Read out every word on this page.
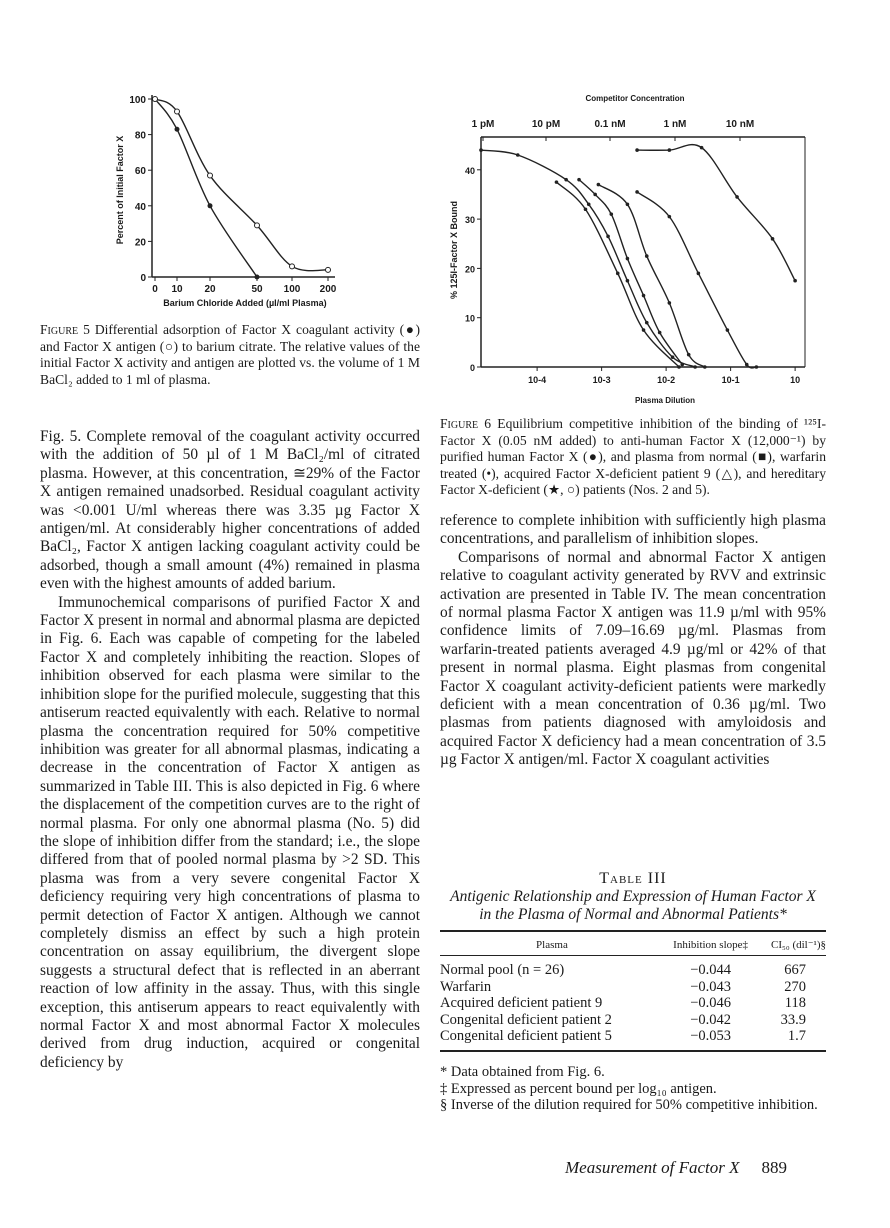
0
20
40
60
80
100
0 10 20	50 100 200
Barium Chloride Added (µl/ml Plasma)
Percent of Initial Factor X
Figure 5 Differential adsorption of Factor X coagulant activity (●) and Factor X antigen (○) to barium citrate. The relative values of the initial Factor X activity and antigen are plotted vs. the volume of 1 M BaCl₂ added to 1 ml of plasma.
Competitor Concentration
1 pM	10 pM	0.1 nM	1 nM	10 nM
0
10
20
30
40
10-4	10-3	10-2	10-1	10
Plasma Dilution
% 125I-Factor X Bound
Figure 6 Equilibrium competitive inhibition of the binding of ¹²⁵I-Factor X (0.05 nM added) to anti-human Factor X (12,000⁻¹) by purified human Factor X (●), and plasma from normal (■), warfarin treated (•), acquired Factor X-deficient patient 9 (△), and hereditary Factor X-deficient (★, ○) patients (Nos. 2 and 5).

Fig. 5. Complete removal of the coagulant activity occurred with the addition of 50 µl of 1 M BaCl₂/ml of citrated plasma. However, at this concentration, ≅29% of the Factor X antigen remained unadsorbed. Residual coagulant activity was <0.001 U/ml whereas there was 3.35 µg Factor X antigen/ml. At considerably higher concentrations of added BaCl₂, Factor X antigen lacking coagulant activity could be adsorbed, though a small amount (4%) remained in plasma even with the highest amounts of added barium.

Immunochemical comparisons of purified Factor X and Factor X present in normal and abnormal plasma are depicted in Fig. 6. Each was capable of competing for the labeled Factor X and completely inhibiting the reaction. Slopes of inhibition observed for each plasma were similar to the inhibition slope for the purified molecule, suggesting that this antiserum reacted equivalently with each. Relative to normal plasma the concentration required for 50% competitive inhibition was greater for all abnormal plasmas, indicating a decrease in the concentration of Factor X antigen as summarized in Table III. This is also depicted in Fig. 6 where the displacement of the competition curves are to the right of normal plasma. For only one abnormal plasma (No. 5) did the slope of inhibition differ from the standard; i.e., the slope differed from that of pooled normal plasma by >2 SD. This plasma was from a very severe congenital Factor X deficiency requiring very high concentrations of plasma to permit detection of Factor X antigen. Although we cannot completely dismiss an effect by such a high protein concentration on assay equilibrium, the divergent slope suggests a structural defect that is reflected in an aberrant reaction of low affinity in the assay. Thus, with this single exception, this antiserum appears to react equivalently with normal Factor X and most abnormal Factor X molecules derived from drug induction, acquired or congenital deficiency by

reference to complete inhibition with sufficiently high plasma concentrations, and parallelism of inhibition slopes.

Comparisons of normal and abnormal Factor X antigen relative to coagulant activity generated by RVV and extrinsic activation are presented in Table IV. The mean concentration of normal plasma Factor X antigen was 11.9 µ/ml with 95% confidence limits of 7.09–16.69 µg/ml. Plasmas from warfarin-treated patients averaged 4.9 µg/ml or 42% of that present in normal plasma. Eight plasmas from congenital Factor X coagulant activity-deficient patients were markedly deficient with a mean concentration of 0.36 µg/ml. Two plasmas from patients diagnosed with amyloidosis and acquired Factor X deficiency had a mean concentration of 3.5 µg Factor X antigen/ml. Factor X coagulant activities

Table III
Antigenic Relationship and Expression of Human Factor X
in the Plasma of Normal and Abnormal Patients*
Plasma	Inhibition slope‡	CI₅₀ (dil⁻¹)§
Normal pool (n = 26)	−0.044	667
Warfarin	−0.043	270
Acquired deficient patient 9	−0.046	118
Congenital deficient patient 2	−0.042	33.9
Congenital deficient patient 5	−0.053	1.7
* Data obtained from Fig. 6.
‡ Expressed as percent bound per log₁₀ antigen.
§ Inverse of the dilution required for 50% competitive inhibition.
Measurement of Factor X 889
